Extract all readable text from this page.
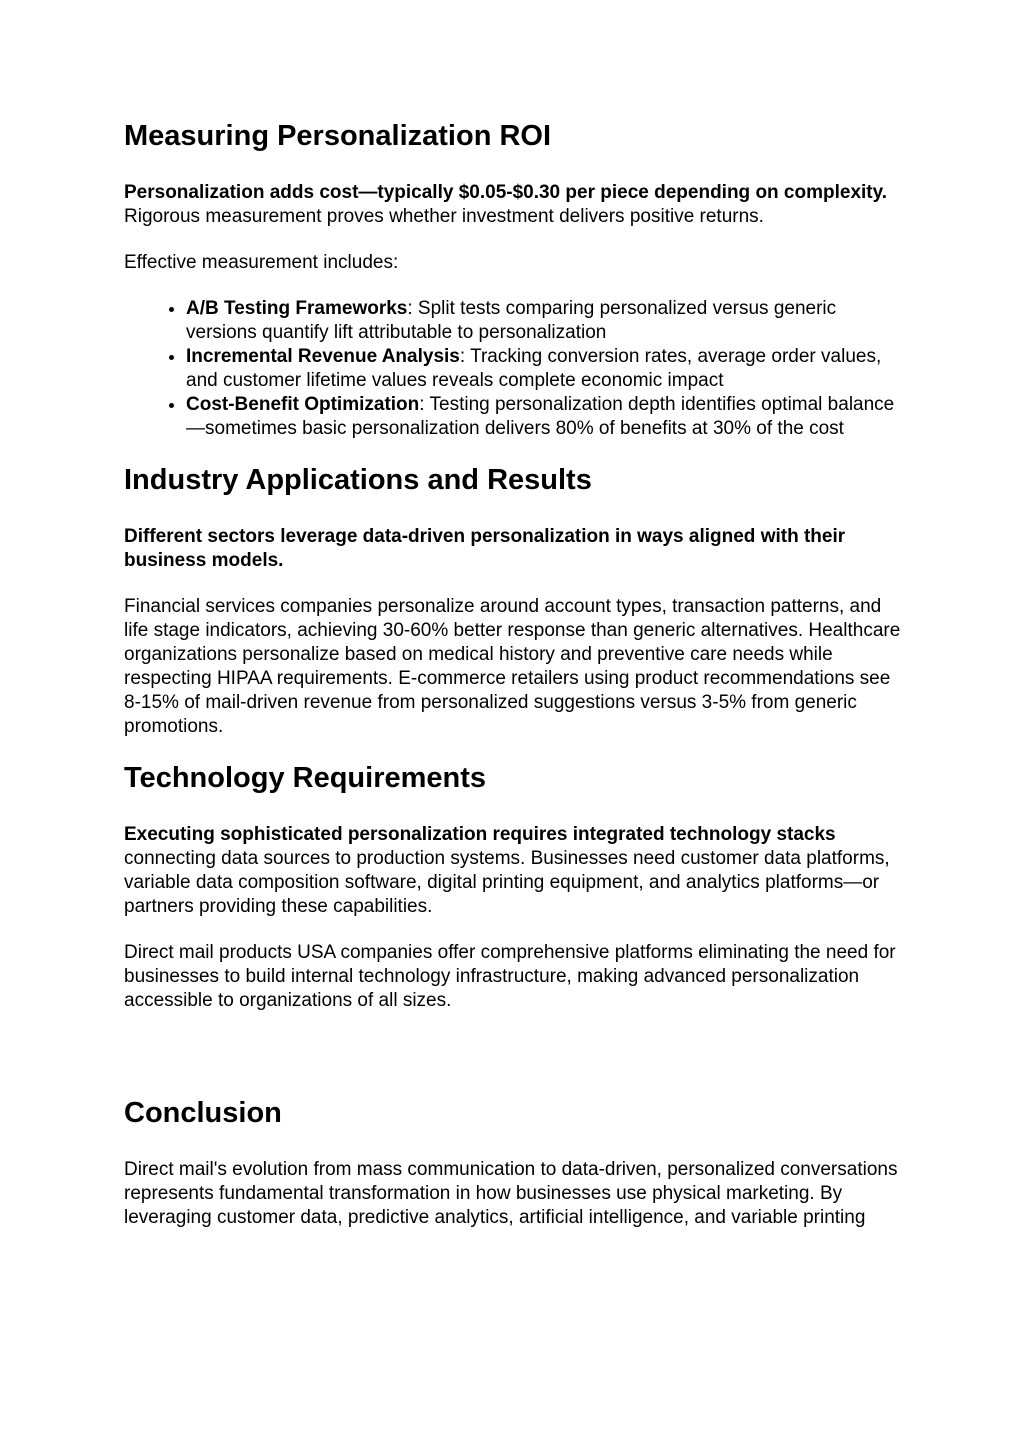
Measuring Personalization ROI

Personalization adds cost—typically $0.05-$0.30 per piece depending on complexity. Rigorous measurement proves whether investment delivers positive returns.

Effective measurement includes:

• A/B Testing Frameworks: Split tests comparing personalized versus generic versions quantify lift attributable to personalization
• Incremental Revenue Analysis: Tracking conversion rates, average order values, and customer lifetime values reveals complete economic impact
• Cost-Benefit Optimization: Testing personalization depth identifies optimal balance—sometimes basic personalization delivers 80% of benefits at 30% of the cost
Industry Applications and Results

Different sectors leverage data-driven personalization in ways aligned with their business models.

Financial services companies personalize around account types, transaction patterns, and life stage indicators, achieving 30-60% better response than generic alternatives. Healthcare organizations personalize based on medical history and preventive care needs while respecting HIPAA requirements. E-commerce retailers using product recommendations see 8-15% of mail-driven revenue from personalized suggestions versus 3-5% from generic promotions.

Technology Requirements

Executing sophisticated personalization requires integrated technology stacks connecting data sources to production systems. Businesses need customer data platforms, variable data composition software, digital printing equipment, and analytics platforms—or partners providing these capabilities.

Direct mail products USA companies offer comprehensive platforms eliminating the need for businesses to build internal technology infrastructure, making advanced personalization accessible to organizations of all sizes.

Conclusion

Direct mail's evolution from mass communication to data-driven, personalized conversations represents fundamental transformation in how businesses use physical marketing. By leveraging customer data, predictive analytics, artificial intelligence, and variable printing
